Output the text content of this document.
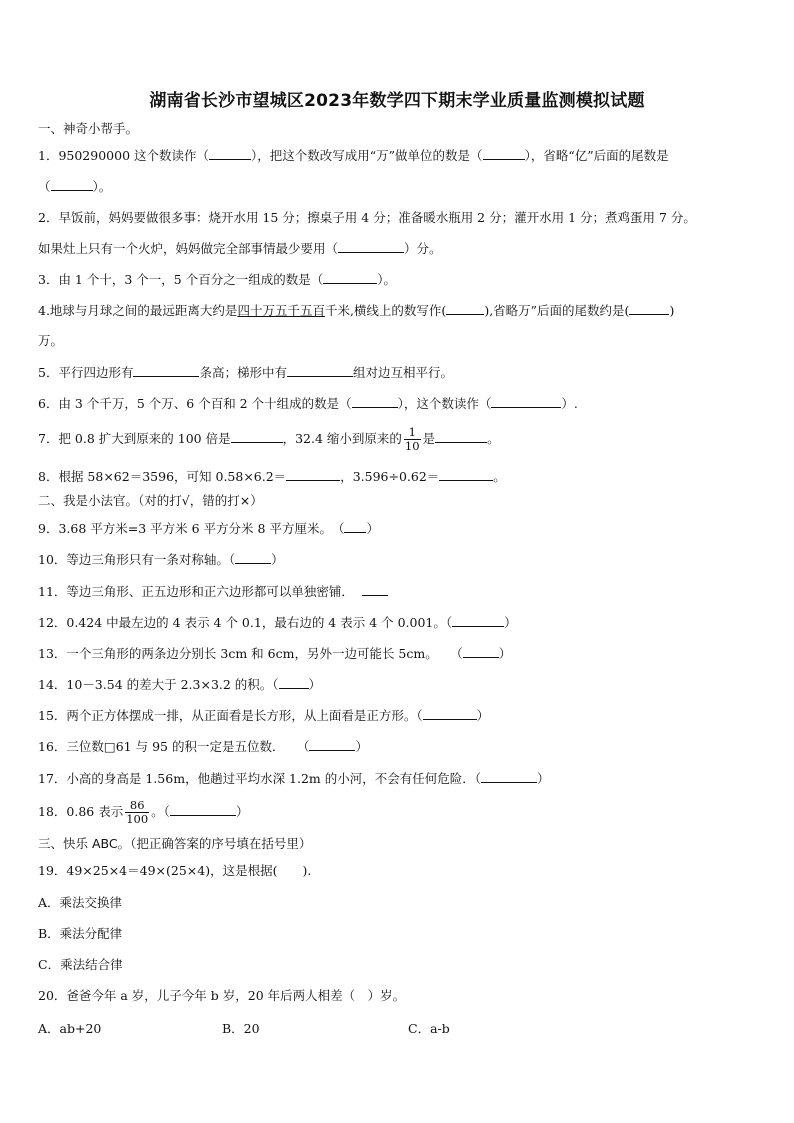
湖南省长沙市望城区2023年数学四下期末学业质量监测模拟试题
一、神奇小帮手。
1．950290000 这个数读作（	），把这个数改写成用“万”做单位的数是（	），省略“亿”后面的尾数是
（	）。
2．早饭前，妈妈要做很多事：烧开水用 15 分；擦桌子用 4 分；准备暖水瓶用 2 分；灌开水用 1 分；煮鸡蛋用 7 分。
如果灶上只有一个火炉，妈妈做完全部事情最少要用（	）分。
3．由 1 个十，3 个一，5 个百分之一组成的数是（	）。
4.地球与月球之间的最远距离大约是四十万五千五百千米,横线上的数写作(	),省略万”后面的尾数约是(	)
万。
5．平行四边形有	条高；梯形中有	组对边互相平行。
6．由 3 个千万，5 个万、6 个百和 2 个十组成的数是（	），这个数读作（	）.
7．把 0.8 扩大到原来的 100 倍是	，32.4 缩小到原来的 $\frac{1}{10}$ 是	。
8．根据 58×62＝3596，可知 0.58×6.2＝	，3.596÷0.62＝	。
二、我是小法官。（对的打√，错的打×）
9．3.68 平方米=3 平方米 6 平方分米 8 平方厘米。　（ ）
10．等边三角形只有一条对称轴。（	）
11．等边三角形、正五边形和正六边形都可以单独密铺．
12．0.424 中最左边的 4 表示 4 个 0.1，最右边的 4 表示 4 个 0.001。（	）
13．一个三角形的两条边分别长 3cm 和 6cm，另外一边可能长 5cm。　　（	）
14．10－3.54 的差大于 2.3×3.2 的积。（ ）
15．两个正方体摆成一排，从正面看是长方形，从上面看是正方形。（	）
16．三位数□61 与 95 的积一定是五位数．　　（	）
17．小高的身高是 1.56m，他趟过平均水深 1.2m 的小河，不会有任何危险．（	）
18．0.86 表示 $\frac{86}{100}$ 。（	）
三、快乐 ABC。（把正确答案的序号填在括号里）
19．49×25×4＝49×(25×4)，这是根据(　　).
A．乘法交换律
B．乘法分配律
C．乘法结合律
20．爸爸今年 a 岁，儿子今年 b 岁，20 年后两人相差（　）岁。
A．ab+20	B．20	C．a-b
